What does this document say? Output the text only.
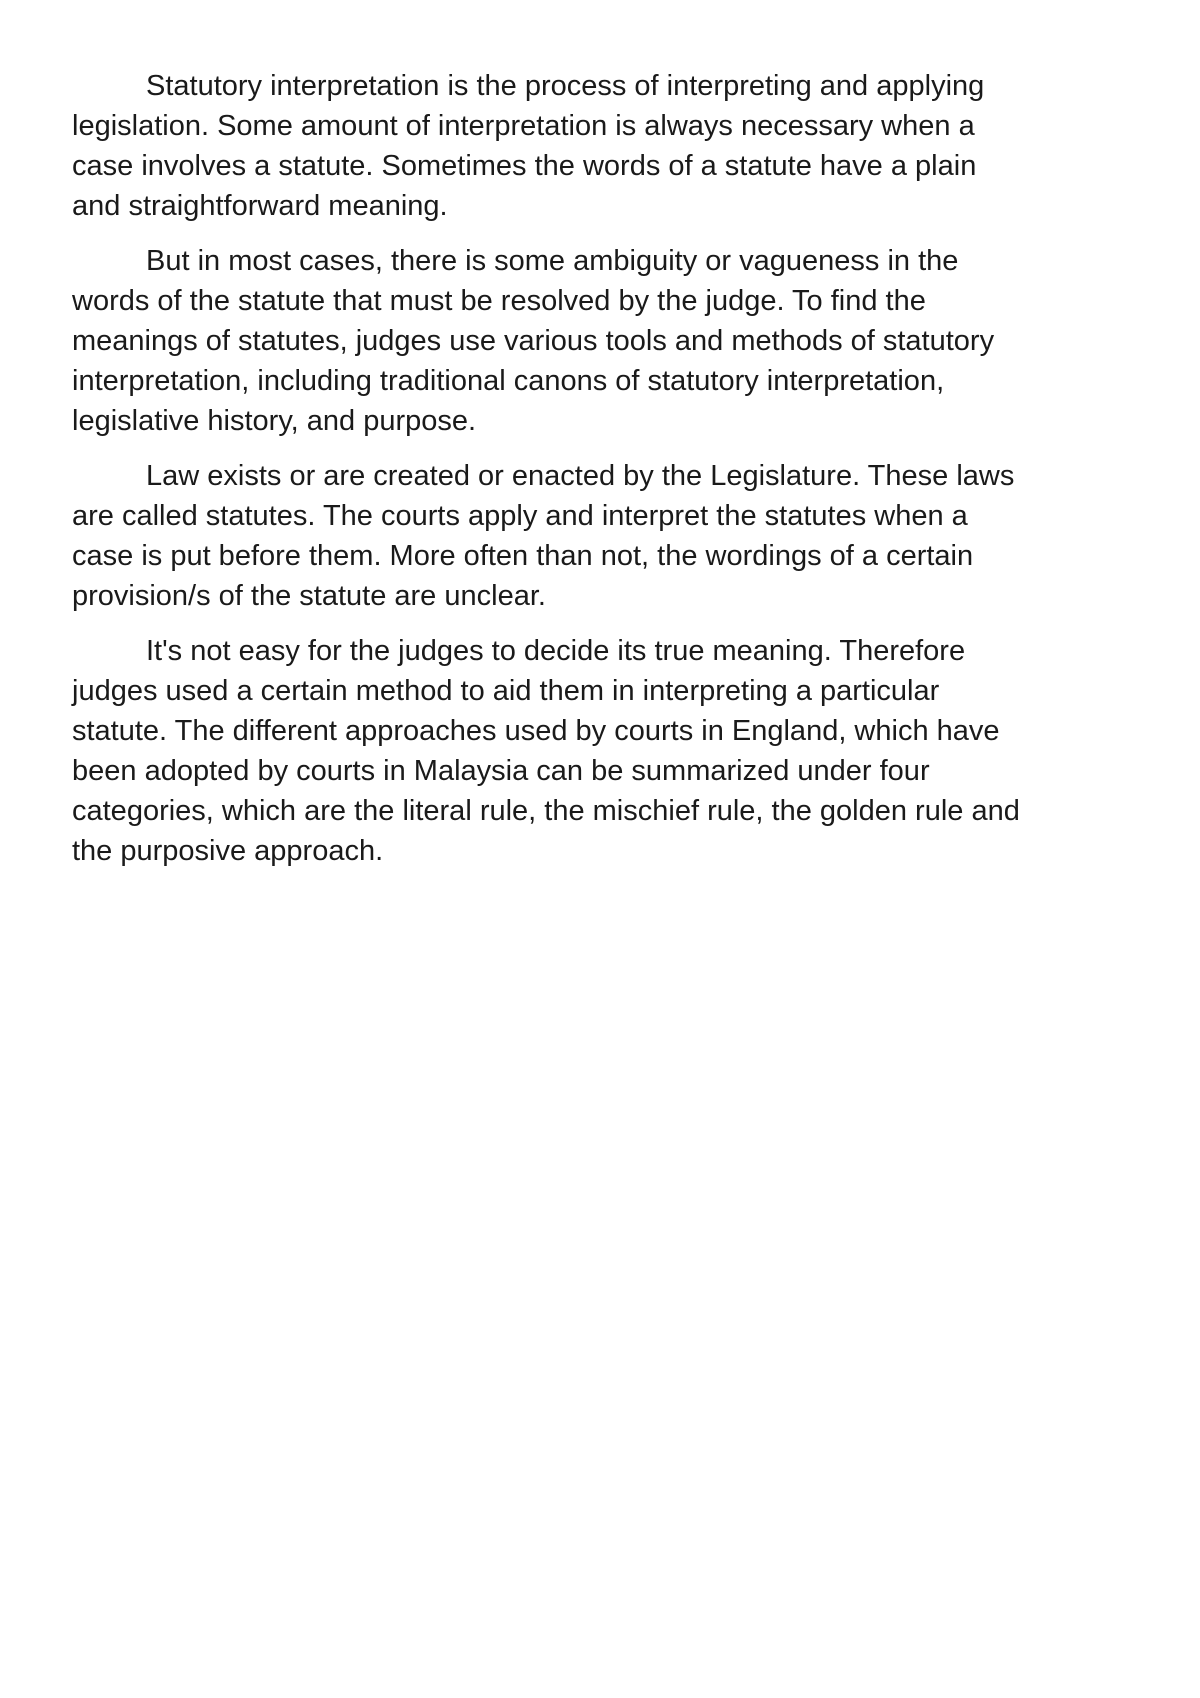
Statutory interpretation is the process of interpreting and applying
legislation. Some amount of interpretation is always necessary when a
case involves a statute. Sometimes the words of a statute have a plain
and straightforward meaning.

But in most cases, there is some ambiguity or vagueness in the
words of the statute that must be resolved by the judge. To find the
meanings of statutes, judges use various tools and methods of statutory
interpretation, including traditional canons of statutory interpretation,
legislative history, and purpose.

Law exists or are created or enacted by the Legislature. These laws
are called statutes. The courts apply and interpret the statutes when a
case is put before them. More often than not, the wordings of a certain
provision/s of the statute are unclear.

It's not easy for the judges to decide its true meaning. Therefore
judges used a certain method to aid them in interpreting a particular
statute. The different approaches used by courts in England, which have
been adopted by courts in Malaysia can be summarized under four
categories, which are the literal rule, the mischief rule, the golden rule and
the purposive approach.
